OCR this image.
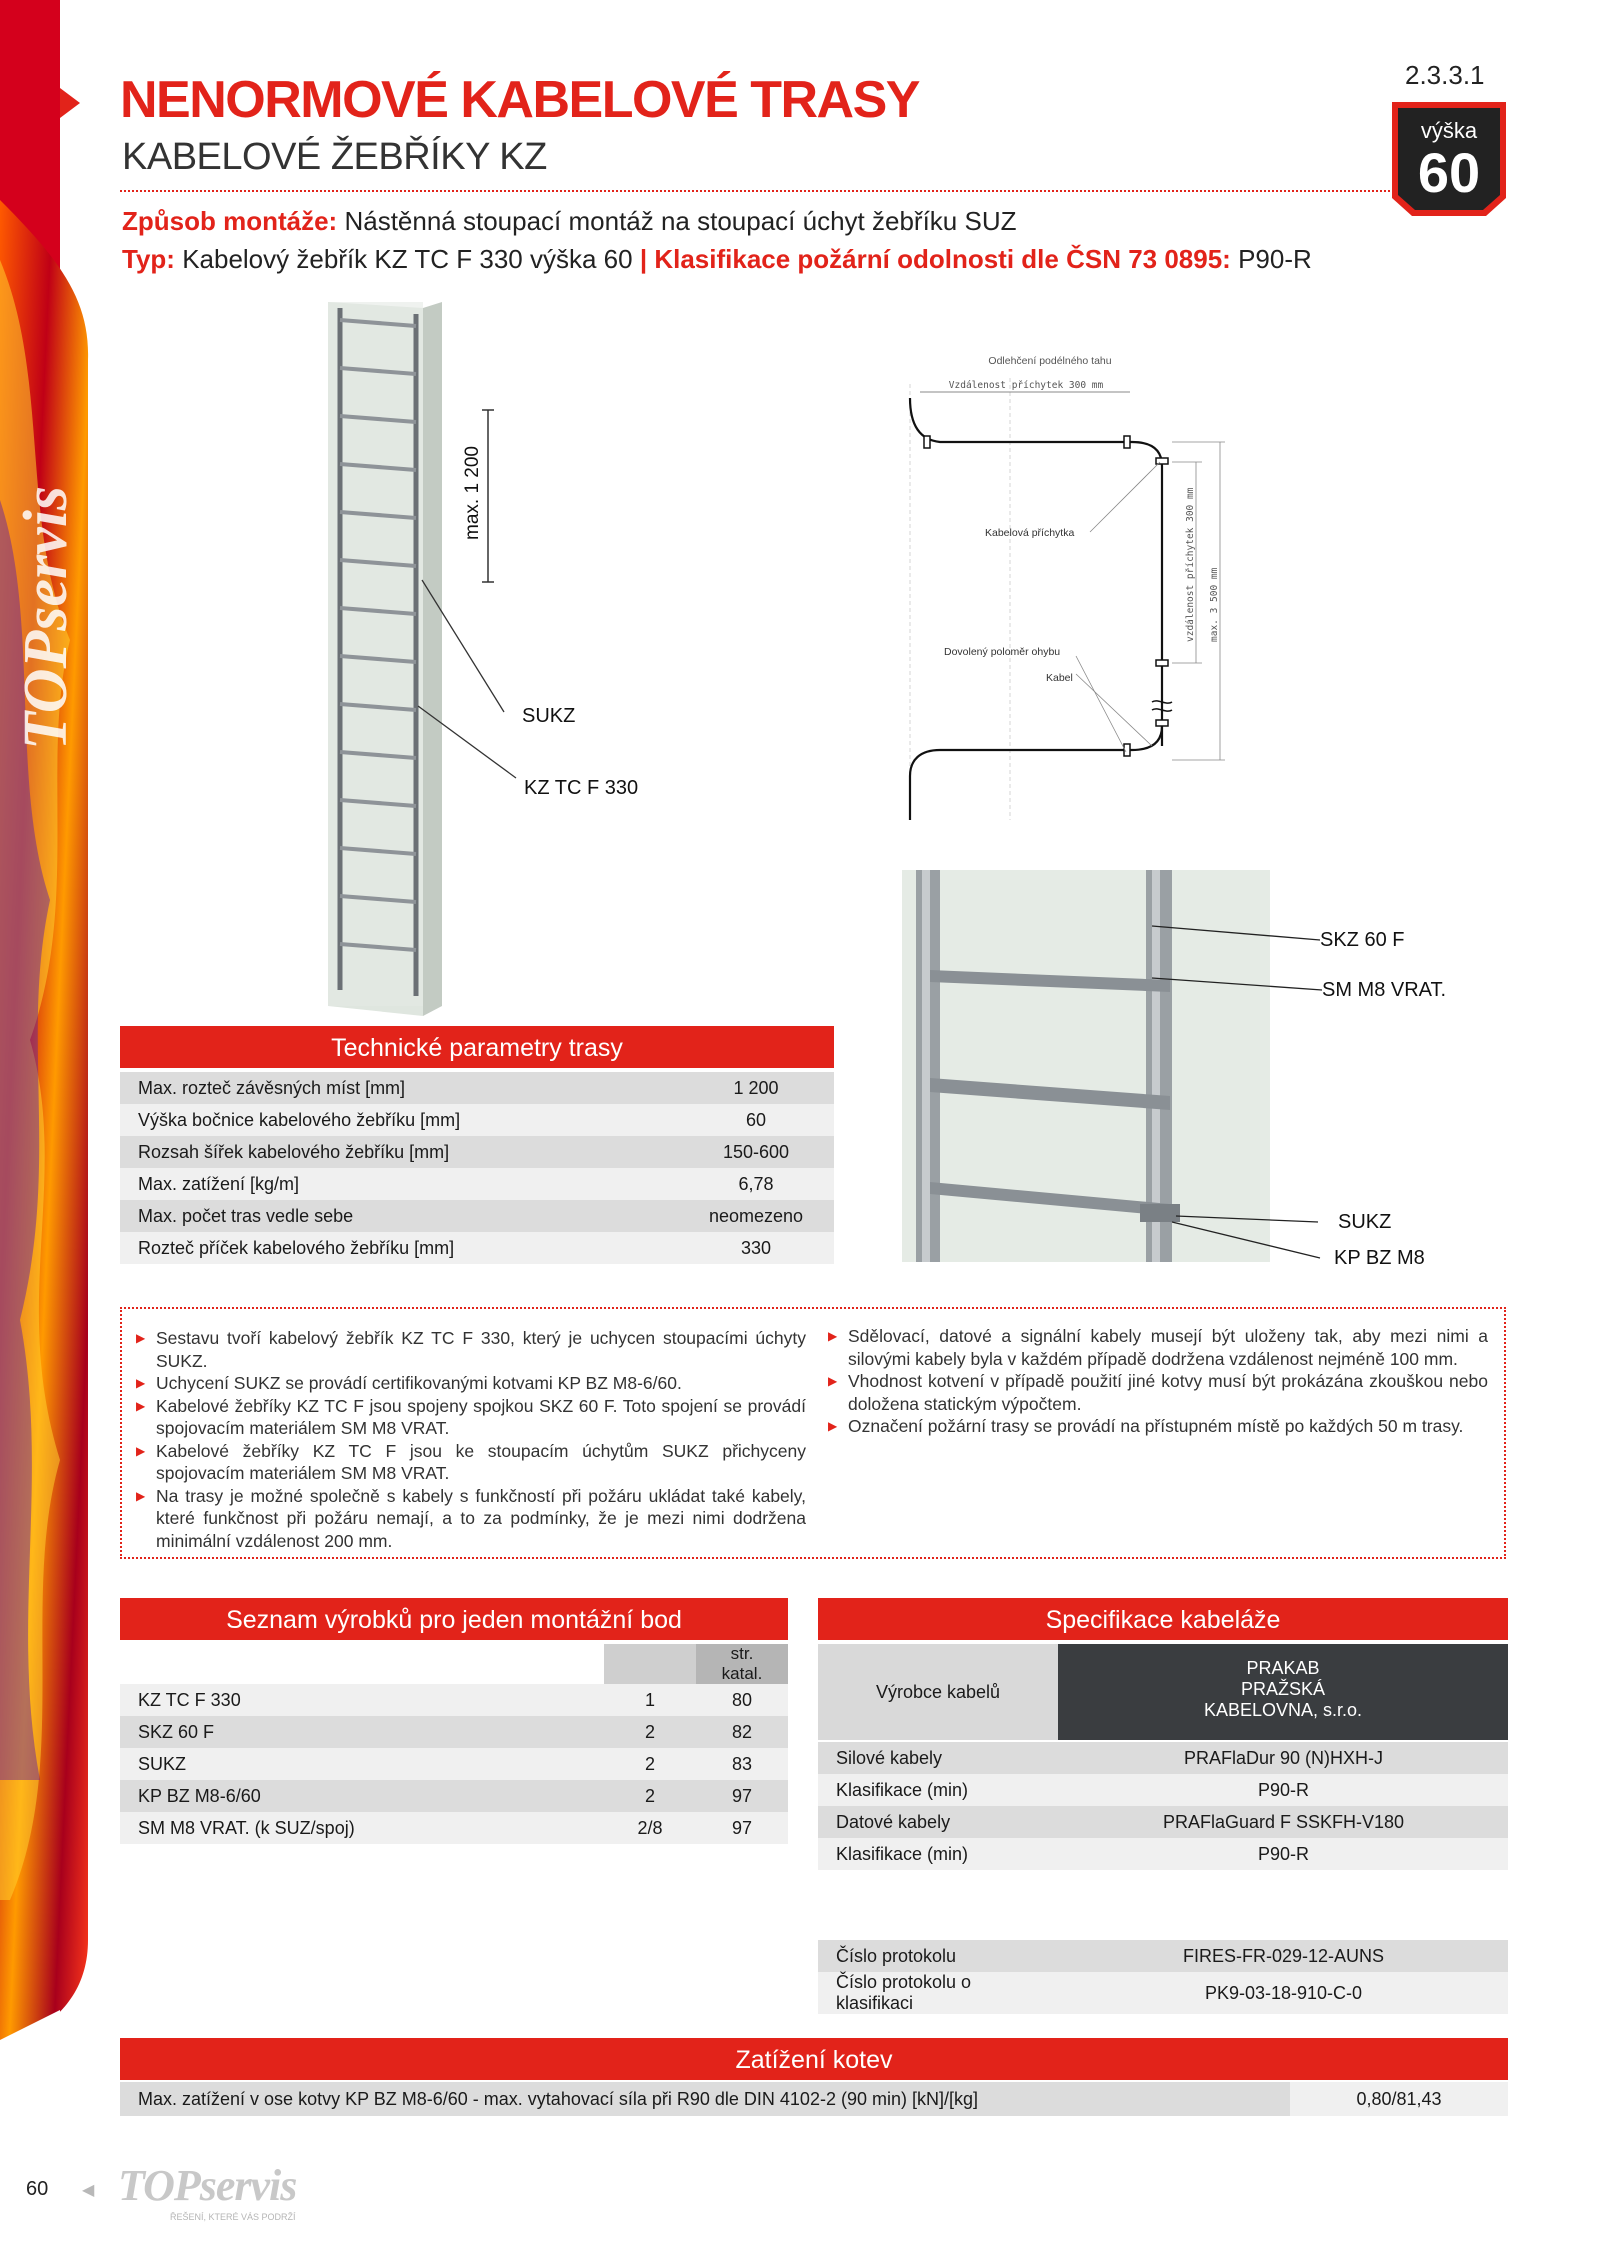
TOPservis
NENORMOVÉ KABELOVÉ TRASY
KABELOVÉ ŽEBŘÍKY KZ
2.3.3.1
výška
60
Způsob montáže: Nástěnná stoupací montáž na stoupací úchyt žebříku SUZ
Typ: Kabelový žebřík KZ TC F 330 výška 60 | Klasifikace požární odolnosti dle ČSN 73 0895: P90-R
max. 1 200
SUKZ
KZ TC F 330
Odlehčení podélného tahu
Vzdálenost příchytek 300 mm
vzdálenost příchytek 300 mm max. 3 500 mm
Kabelová příchytka
Dovolený poloměr ohybu
Kabel
SKZ 60 F
SM M8 VRAT.
SUKZ
KP BZ M8
Technické parametry trasy
Max. rozteč závěsných míst [mm]	1 200
Výška bočnice kabelového žebříku [mm]	60
Rozsah šířek kabelového žebříku [mm]	150-600
Max. zatížení [kg/m]	6,78
Max. počet tras vedle sebe	neomezeno
Rozteč příček kabelového žebříku [mm]	330
▶ Sestavu tvoří kabelový žebřík KZ TC F 330, který je uchycen stoupacími úchyty SUKZ.
▶ Uchycení SUKZ se provádí certifikovanými kotvami KP BZ M8-6/60.
▶ Kabelové žebříky KZ TC F jsou spojeny spojkou SKZ 60 F. Toto spojení se provádí spojovacím materiálem SM M8 VRAT.
▶ Kabelové žebříky KZ TC F jsou ke stoupacím úchytům SUKZ přichyceny spojovacím materiálem SM M8 VRAT.
▶ Na trasy je možné společně s kabely s funkčností při požáru ukládat také kabely, které funkčnost při požáru nemají, a to za podmínky, že je mezi nimi dodržena minimální vzdálenost 200 mm.
▶ Sdělovací, datové a signální kabely musejí být uloženy tak, aby mezi nimi a silovými kabely byla v každém případě dodržena vzdálenost nejméně 100 mm.
▶ Vhodnost kotvení v případě použití jiné kotvy musí být prokázána zkouškou nebo doložena statickým výpočtem.
▶ Označení požární trasy se provádí na přístupném místě po každých 50 m trasy.
Seznam výrobků pro jeden montážní bod
		str. katal.
KZ TC F 330	1	80
SKZ 60 F	2	82
SUKZ	2	83
KP BZ M8-6/60	2	97
SM M8 VRAT. (k SUZ/spoj)	2/8	97
Specifikace kabeláže
Výrobce kabelů
PRAKAB
PRAŽSKÁ
KABELOVNA, s.r.o.
Silové kabely	PRAFlaDur 90 (N)HXH-J
Klasifikace (min)	P90-R
Datové kabely	PRAFlaGuard F SSKFH-V180
Klasifikace (min)	P90-R
Číslo protokolu	FIRES-FR-029-12-AUNS
Číslo protokolu o klasifikaci	PK9-03-18-910-C-0
Zatížení kotev
Max. zatížení v ose kotvy KP BZ M8-6/60 - max. vytahovací síla při R90 dle DIN 4102-2 (90 min) [kN]/[kg]	0,80/81,43
60 ◀ TOPservis
ŘEŠENÍ, KTERÉ VÁS PODRŽÍ
